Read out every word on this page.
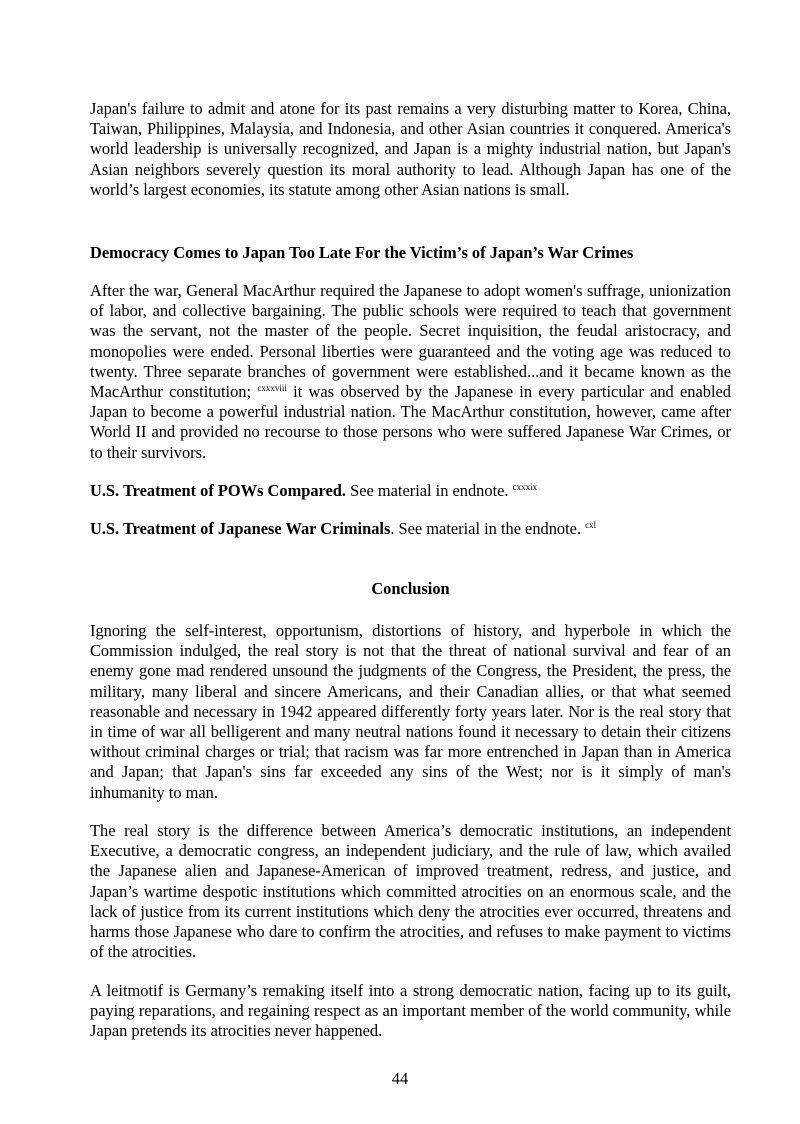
Japan's failure to admit and atone for its past remains a very disturbing matter to Korea, China, Taiwan, Philippines, Malaysia, and Indonesia, and other Asian countries it conquered. America's world leadership is universally recognized, and Japan is a mighty industrial nation, but Japan's Asian neighbors severely question its moral authority to lead. Although Japan has one of the world’s largest economies, its statute among other Asian nations is small.

Democracy Comes to Japan Too Late For the Victim’s of Japan’s War Crimes

After the war, General MacArthur required the Japanese to adopt women's suffrage, unionization of labor, and collective bargaining. The public schools were required to teach that government was the servant, not the master of the people. Secret inquisition, the feudal aristocracy, and monopolies were ended. Personal liberties were guaranteed and the voting age was reduced to twenty. Three separate branches of government were established...and it became known as the MacArthur constitution; $^{cxxxviii}$ it was observed by the Japanese in every particular and enabled Japan to become a powerful industrial nation. The MacArthur constitution, however, came after World II and provided no recourse to those persons who were suffered Japanese War Crimes, or to their survivors.

U.S. Treatment of POWs Compared. See material in endnote. $^{cxxxix}$

U.S. Treatment of Japanese War Criminals. See material in the endnote. $^{cxl}$

Conclusion

Ignoring the self-interest, opportunism, distortions of history, and hyperbole in which the Commission indulged, the real story is not that the threat of national survival and fear of an enemy gone mad rendered unsound the judgments of the Congress, the President, the press, the military, many liberal and sincere Americans, and their Canadian allies, or that what seemed reasonable and necessary in 1942 appeared differently forty years later. Nor is the real story that in time of war all belligerent and many neutral nations found it necessary to detain their citizens without criminal charges or trial; that racism was far more entrenched in Japan than in America and Japan; that Japan's sins far exceeded any sins of the West; nor is it simply of man's inhumanity to man.

The real story is the difference between America’s democratic institutions, an independent Executive, a democratic congress, an independent judiciary, and the rule of law, which availed the Japanese alien and Japanese-American of improved treatment, redress, and justice, and Japan’s wartime despotic institutions which committed atrocities on an enormous scale, and the lack of justice from its current institutions which deny the atrocities ever occurred, threatens and harms those Japanese who dare to confirm the atrocities, and refuses to make payment to victims of the atrocities.

A leitmotif is Germany’s remaking itself into a strong democratic nation, facing up to its guilt, paying reparations, and regaining respect as an important member of the world community, while Japan pretends its atrocities never happened.

44
